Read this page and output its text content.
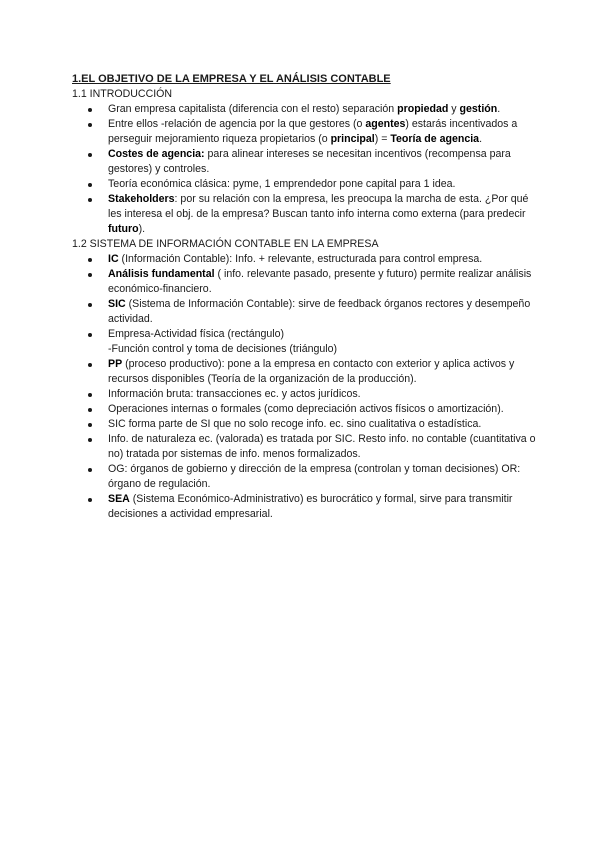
1.EL OBJETIVO DE LA EMPRESA Y EL ANÁLISIS CONTABLE

1.1 INTRODUCCIÓN

Gran empresa capitalista (diferencia con el resto) separación propiedad y gestión.
Entre ellos -relación de agencia por la que gestores (o agentes) estarás incentivados a perseguir mejoramiento riqueza propietarios (o principal) = Teoría de agencia.
Costes de agencia: para alinear intereses se necesitan incentivos (recompensa para gestores) y controles.
Teoría económica clásica: pyme, 1 emprendedor pone capital para 1 idea.
Stakeholders: por su relación con la empresa, les preocupa la marcha de esta. ¿Por qué les interesa el obj. de la empresa? Buscan tanto info interna como externa (para predecir futuro).

1.2 SISTEMA DE INFORMACIÓN CONTABLE EN LA EMPRESA

IC (Información Contable): Info. + relevante, estructurada para control empresa.
Análisis fundamental ( info. relevante pasado, presente y futuro) permite realizar análisis económico-financiero.
SIC (Sistema de Información Contable): sirve de feedback órganos rectores y desempeño actividad.
Empresa-Actividad física (rectángulo)
-Función control y toma de decisiones (triángulo)
PP (proceso productivo): pone a la empresa en contacto con exterior y aplica activos y recursos disponibles (Teoría de la organización de la producción).
Información bruta: transacciones ec. y actos jurídicos.
Operaciones internas o formales (como depreciación activos físicos o amortización).
SIC forma parte de SI que no solo recoge info. ec. sino cualitativa o estadística.
Info. de naturaleza ec. (valorada) es tratada por SIC. Resto info. no contable (cuantitativa o no) tratada por sistemas de info. menos formalizados.
OG: órganos de gobierno y dirección de la empresa (controlan y toman decisiones) OR: órgano de regulación.
SEA (Sistema Económico-Administrativo) es burocrático y formal, sirve para transmitir decisiones a actividad empresarial.
